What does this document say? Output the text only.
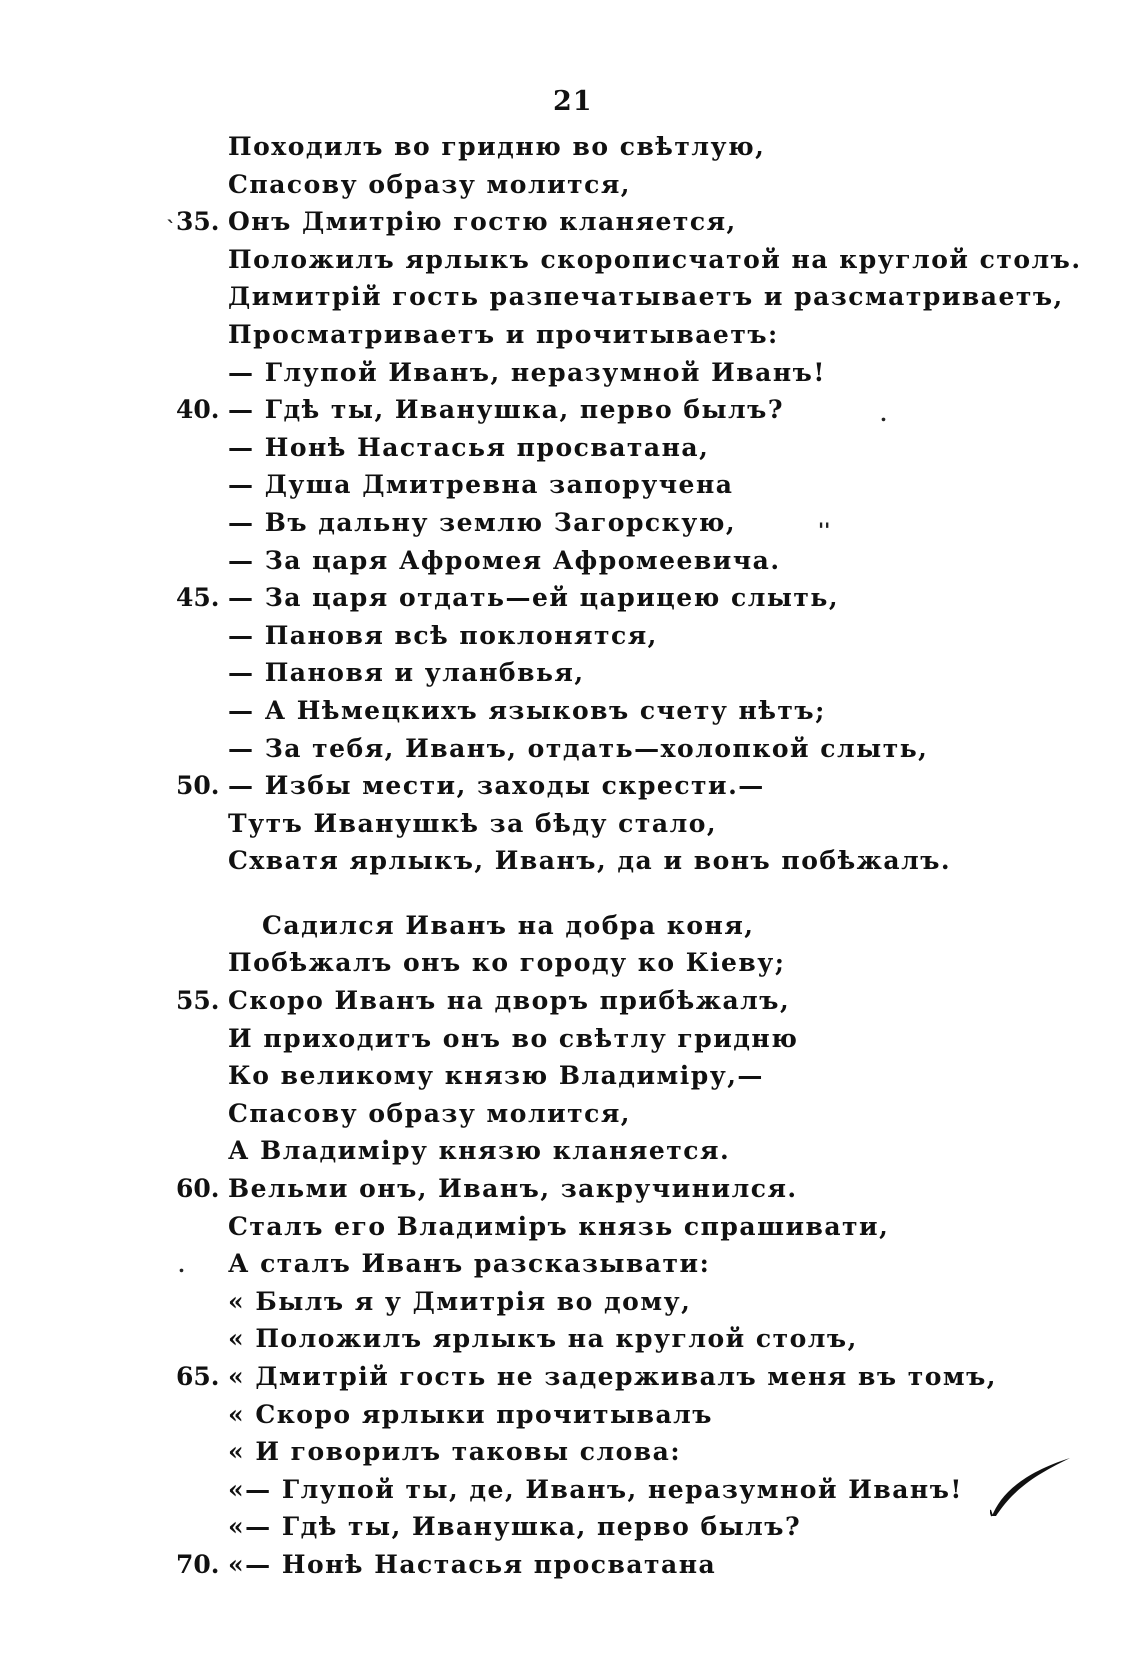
21
Походилъ во гридню во свѣтлую,
Спасову образу молится,
35. Онъ Дмитрію гостю кланяется,
Положилъ ярлыкъ скорописчатой на круглой столъ.
Димитрій гость разпечатываетъ и разсматриваетъ,
Просматриваетъ и прочитываетъ:
— Глупой Иванъ, неразумной Иванъ!
40. — Гдѣ ты, Иванушка, перво былъ?
— Нонѣ Настасья просватана,
— Душа Дмитревна запоручена
— Въ дальну землю Загорскую,
— За царя Афромея Афромеевича.
45. — За царя отдать—ей царицею слыть,
— Пановя всѣ поклонятся,
— Пановя и уланбвья,
— А Нѣмецкихъ языковъ счету нѣтъ;
— За тебя, Иванъ, отдать—холопкой слыть,
50. — Избы мести, заходы скрести.—
Тутъ Иванушкѣ за бѣду стало,
Схватя ярлыкъ, Иванъ, да и вонъ побѣжалъ.
Садился Иванъ на добра коня,
Побѣжалъ онъ ко городу ко Кіеву;
55. Скоро Иванъ на дворъ прибѣжалъ,
И приходитъ онъ во свѣтлу гридню
Ко великому князю Владиміру,—
Спасову образу молится,
А Владиміру князю кланяется.
60. Вельми онъ, Иванъ, закручинился.
Сталъ его Владиміръ князь спрашивати,
А сталъ Иванъ разсказывати:
« Былъ я у Дмитрія во дому,
« Положилъ ярлыкъ на круглой столъ,
65. « Дмитрій гость не задерживалъ меня въ томъ,
« Скоро ярлыки прочитывалъ
« И говорилъ таковы слова:
«— Глупой ты, де, Иванъ, неразумной Иванъ!
«— Гдѣ ты, Иванушка, перво былъ?
70. «— Нонѣ Настасья просватана
`
.
.
''
